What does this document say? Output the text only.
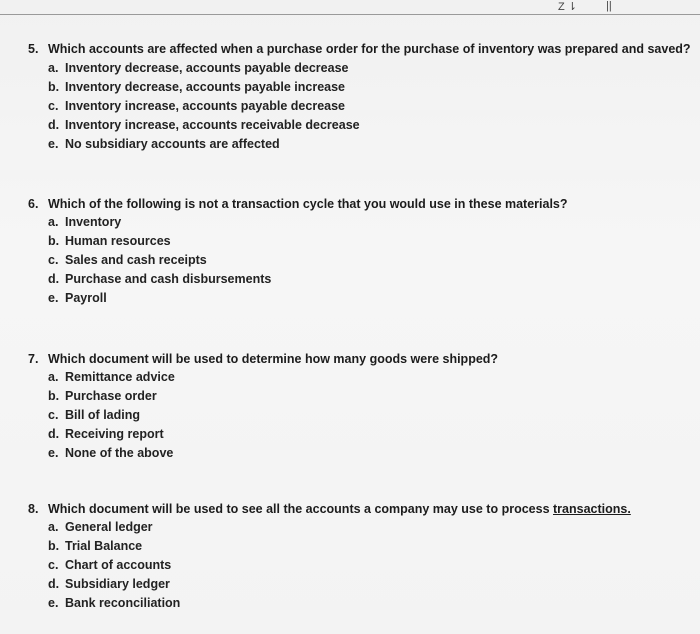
Z ⇂	||
5. Which accounts are affected when a purchase order for the purchase of inventory was prepared and saved?
a. Inventory decrease, accounts payable decrease
b. Inventory decrease, accounts payable increase
c. Inventory increase, accounts payable decrease
d. Inventory increase, accounts receivable decrease
e. No subsidiary accounts are affected
6. Which of the following is not a transaction cycle that you would use in these materials?
a. Inventory
b. Human resources
c. Sales and cash receipts
d. Purchase and cash disbursements
e. Payroll
7. Which document will be used to determine how many goods were shipped?
a. Remittance advice
b. Purchase order
c. Bill of lading
d. Receiving report
e. None of the above
8. Which document will be used to see all the accounts a company may use to process transactions.
a. General ledger
b. Trial Balance
c. Chart of accounts
d. Subsidiary ledger
e. Bank reconciliation
